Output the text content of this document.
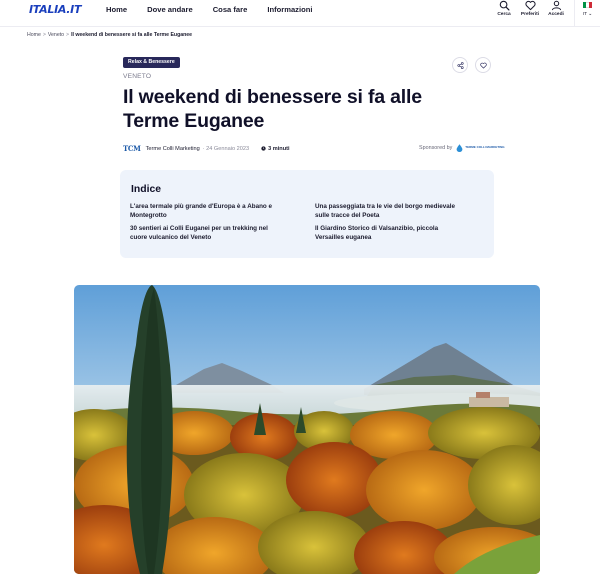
ITALIA.IT	Home	Dove andare	Cosa fare	Informazioni
Cerca Preferiti Accedi	IT ⌄
Home > Veneto > Il weekend di benessere si fa alle Terme Euganee
Relax & Benessere
VENETO
Il weekend di benessere si fa alle Terme Euganee
TCM Terme Colli Marketing · 24 Gennaio 2023	3 minuti	Sponsored by	TERME COLLI MARKETING
Indice
L'area termale più grande d'Europa è a Abano e Montegrotto
Una passeggiata tra le vie del borgo medievale sulle tracce del Poeta
30 sentieri ai Colli Euganei per un trekking nel cuore vulcanico del Veneto
Il Giardino Storico di Valsanzibio, piccola Versailles euganea
